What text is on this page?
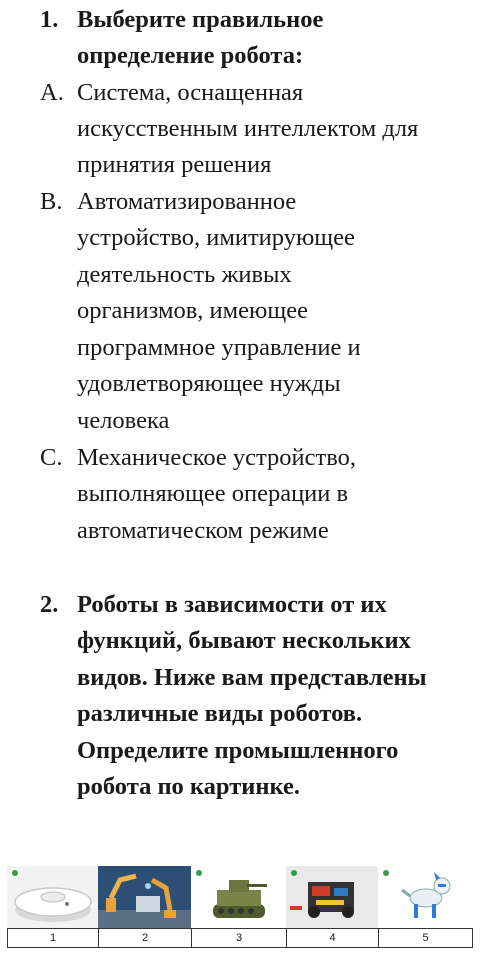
1. Выберите правильное
определение робота:
A. Система, оснащенная
искусственным интеллектом для
принятия решения
B. Автоматизированное
устройство, имитирующее
деятельность живых
организмов, имеющее
программное управление и
удовлетворяющее нужды
человека
C. Механическое устройство,
выполняющее операции в
автоматическом режиме
2. Роботы в зависимости от их
функций, бывают нескольких
видов. Ниже вам представлены
различные виды роботов.
Определите промышленного
робота по картинке.
1	2	3	4	5
